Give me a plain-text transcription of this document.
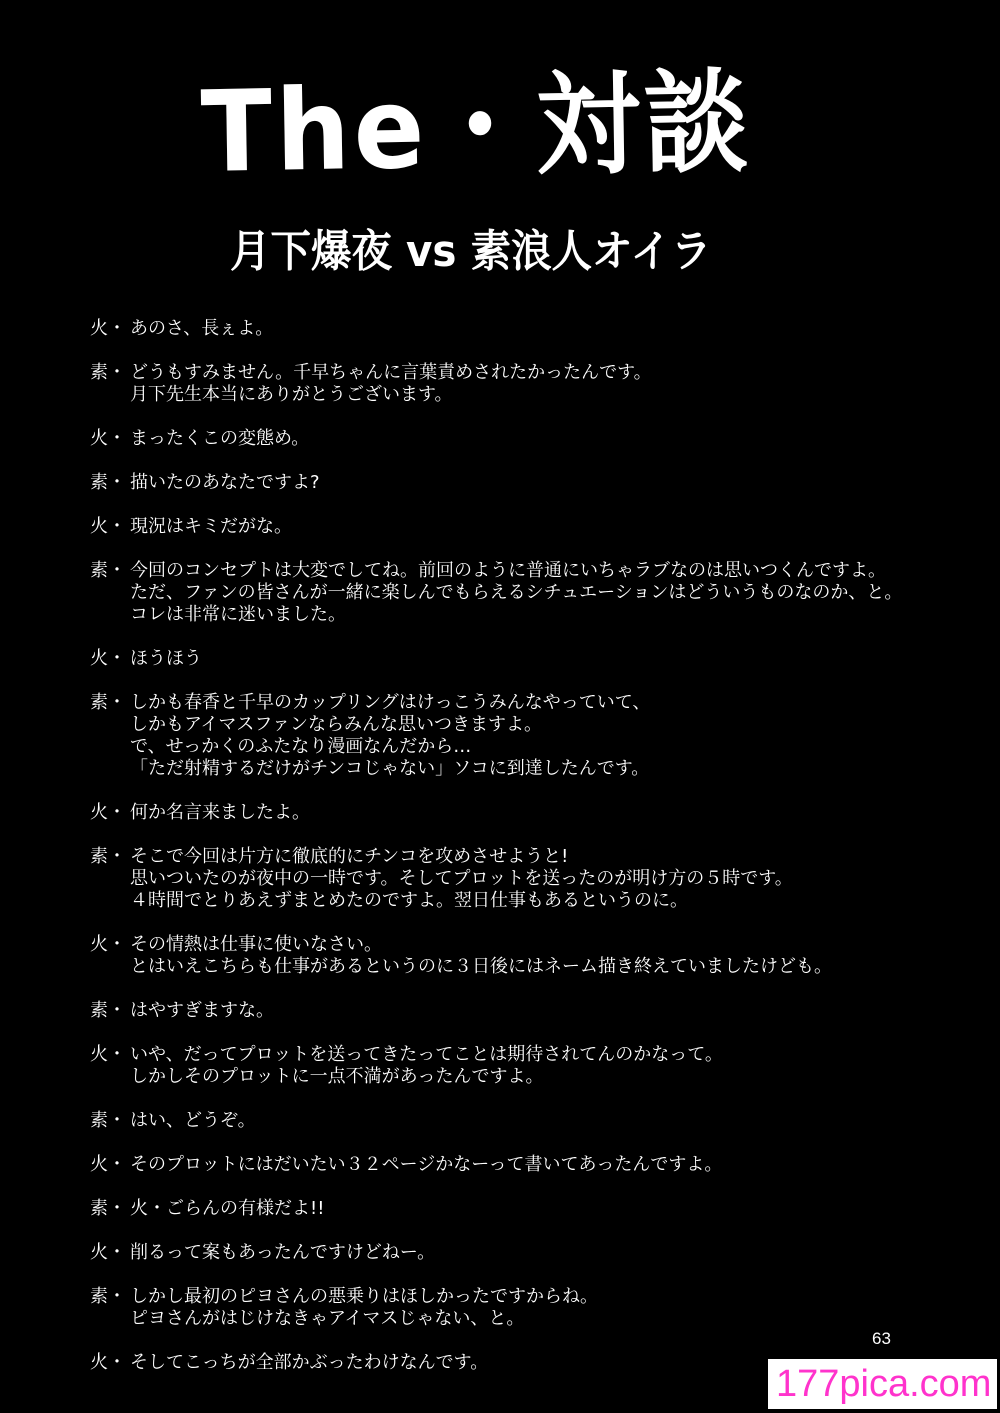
The・対談
月下爆夜 vs 素浪人オイラ
火・ あのさ、長ぇよ。
素・ どうもすみません。千早ちゃんに言葉責めされたかったんです。
月下先生本当にありがとうございます。
火・ まったくこの変態め。
素・ 描いたのあなたですよ?
火・ 現況はキミだがな。
素・ 今回のコンセプトは大変でしてね。前回のように普通にいちゃラブなのは思いつくんですよ。
ただ、ファンの皆さんが一緒に楽しんでもらえるシチュエーションはどういうものなのか、と。
コレは非常に迷いました。
火・ ほうほう
素・ しかも春香と千早のカップリングはけっこうみんなやっていて、
しかもアイマスファンならみんな思いつきますよ。
で、せっかくのふたなり漫画なんだから…
「ただ射精するだけがチンコじゃない」ソコに到達したんです。
火・ 何か名言来ましたよ。
素・ そこで今回は片方に徹底的にチンコを攻めさせようと!
思いついたのが夜中の一時です。そしてプロットを送ったのが明け方の５時です。
４時間でとりあえずまとめたのですよ。翌日仕事もあるというのに。
火・ その情熱は仕事に使いなさい。
とはいえこちらも仕事があるというのに３日後にはネーム描き終えていましたけども。
素・ はやすぎますな。
火・ いや、だってプロットを送ってきたってことは期待されてんのかなって。
しかしそのプロットに一点不満があったんですよ。
素・ はい、どうぞ。
火・ そのプロットにはだいたい３２ページかなーって書いてあったんですよ。
素・ 火・ごらんの有様だよ!!
火・ 削るって案もあったんですけどねー。
素・ しかし最初のピヨさんの悪乗りはほしかったですからね。
ピヨさんがはじけなきゃアイマスじゃない、と。
火・ そしてこっちが全部かぶったわけなんです。
63
177pica.com
